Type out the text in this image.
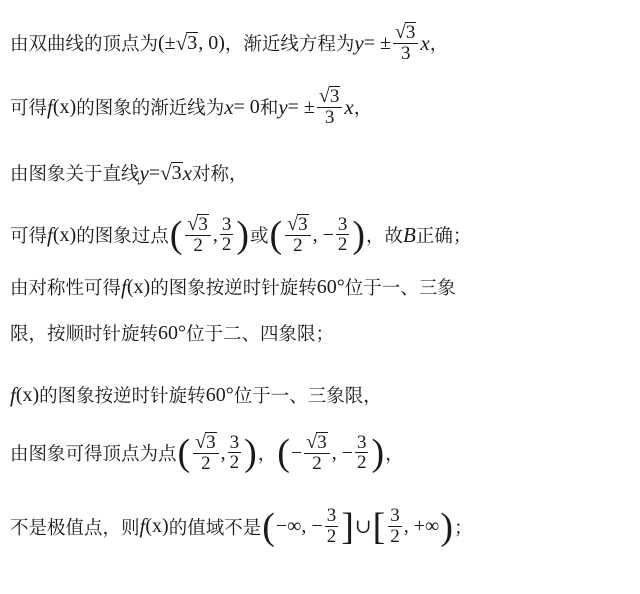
由双曲线的顶点为 (± √ 3 , 0) ，渐近线方程为 y = ± $\frac{√ 3}{3}$ x ，
可得 f (x) 的图象的渐近线为 x = 0 和 y = ± $\frac{√ 3}{3}$ x ，
由图象关于直线 y = √ 3 x 对称，
可得 f (x) 的图象过点 ( $\frac{√ 3}{2}$ , $\frac{3}{2}$ ) 或 ( $\frac{√ 3}{2}$ , − $\frac{3}{2}$ ) ，故 B 正确；
由对称性可得 f (x) 的图象按逆时针旋转 60° 位于一、三象
限，按顺时针旋转 60° 位于二、四象限；
f (x) 的图象按逆时针旋转 60° 位于一、三象限，
由图象可得顶点为点 ( $\frac{√ 3}{2}$ , $\frac{3}{2}$ ) ， ( − $\frac{√ 3}{2}$ , − $\frac{3}{2}$ ) ，
不是极值点，则 f (x) 的值域不是 ( −∞, − $\frac{3}{2}$ ] ∪ [ $\frac{3}{2}$ , +∞ ) ；
